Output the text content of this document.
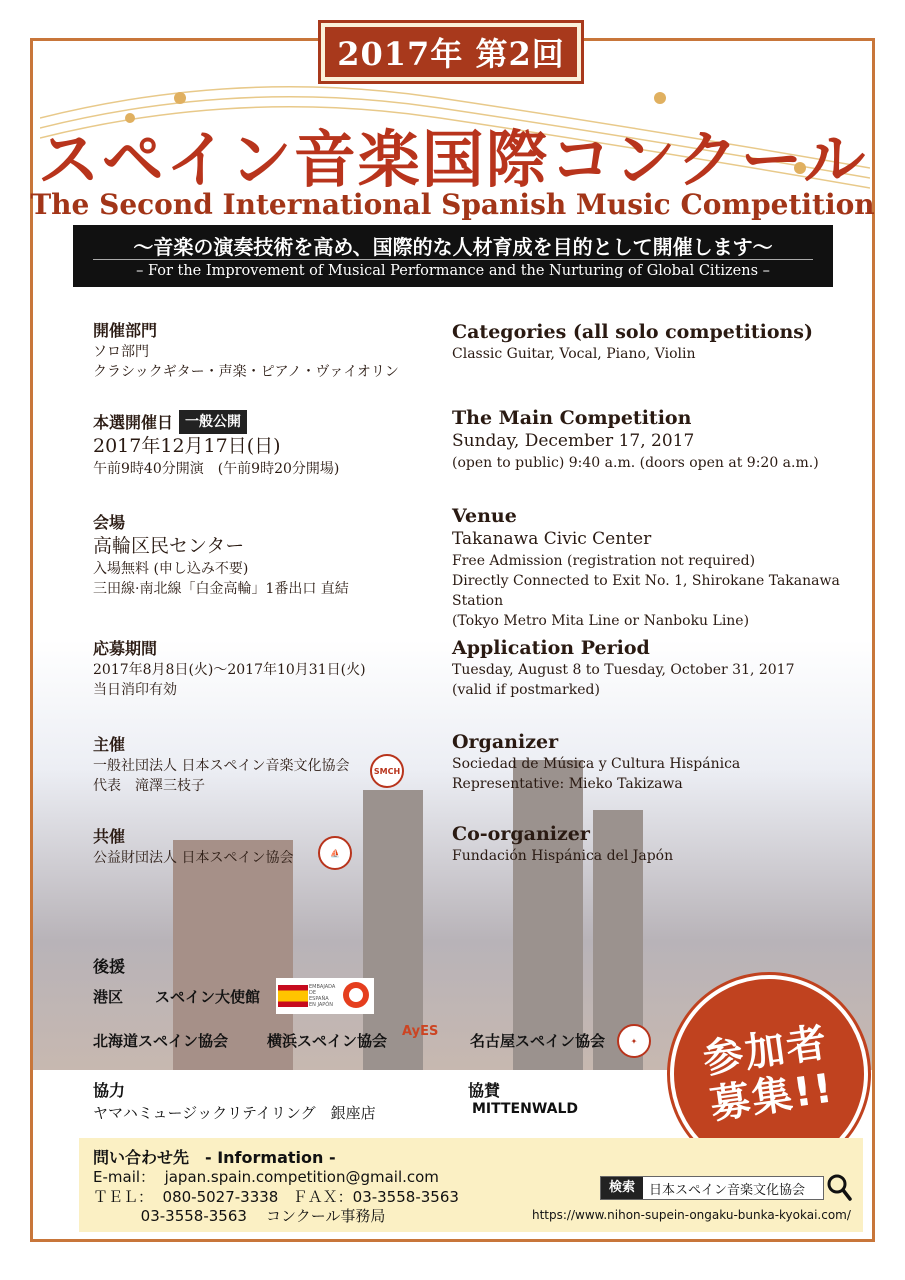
2017年 第2回
スペイン音楽国際コンクール
The Second International Spanish Music Competition
〜音楽の演奏技術を高め、国際的な人材育成を目的として開催します〜
– For the Improvement of Musical Performance and the Nurturing of Global Citizens –

開催部門

ソロ部門

クラシックギター・声楽・ピアノ・ヴァイオリン

本選開催日 一般公開

2017年12月17日(日)

午前9時40分開演　(午前9時20分開場)

会場

高輪区民センター

入場無料 (申し込み不要)

三田線·南北線「白金高輪」1番出口 直結

応募期間

2017年8月8日(火)〜2017年10月31日(火)

当日消印有効

主催

一般社団法人 日本スペイン音楽文化協会

代表　滝澤三枝子

SMCH

共催

公益財団法人 日本スペイン協会	⛵

Categories (all solo competitions)

Classic Guitar, Vocal, Piano, Violin

The Main Competition

Sunday, December 17, 2017

(open to public) 9:40 a.m. (doors open at 9:20 a.m.)

Venue

Takanawa Civic Center

Free Admission (registration not required)

Directly Connected to Exit No. 1, Shirokane Takanawa Station

(Tokyo Metro Mita Line or Nanboku Line)

Application Period

Tuesday, August 8 to Tuesday, October 31, 2017

(valid if postmarked)

Organizer

Sociedad de Música y Cultura Hispánica

Representative: Mieko Takizawa

Co-organizer

Fundación Hispánica del Japón

後援
港区 スペイン大使館
EMBAJADA DE ESPAÑA EN JAPÓN
北海道スペイン協会	横浜スペイン協会
AyES
名古屋スペイン協会	✦
協力
ヤマハミュージックリテイリング　銀座店
協賛
MITTENWALD
参加者
募集!!
問い合わせ先　- Information -
E-mail：  japan.spain.competition@gmail.com
ＴＥＬ：  080-5027-3338   ＦＡＸ：03-3558-3563
03-3558-3563    コンクール事務局
検索	日本スペイン音楽文化協会
https://www.nihon-supein-ongaku-bunka-kyokai.com/
